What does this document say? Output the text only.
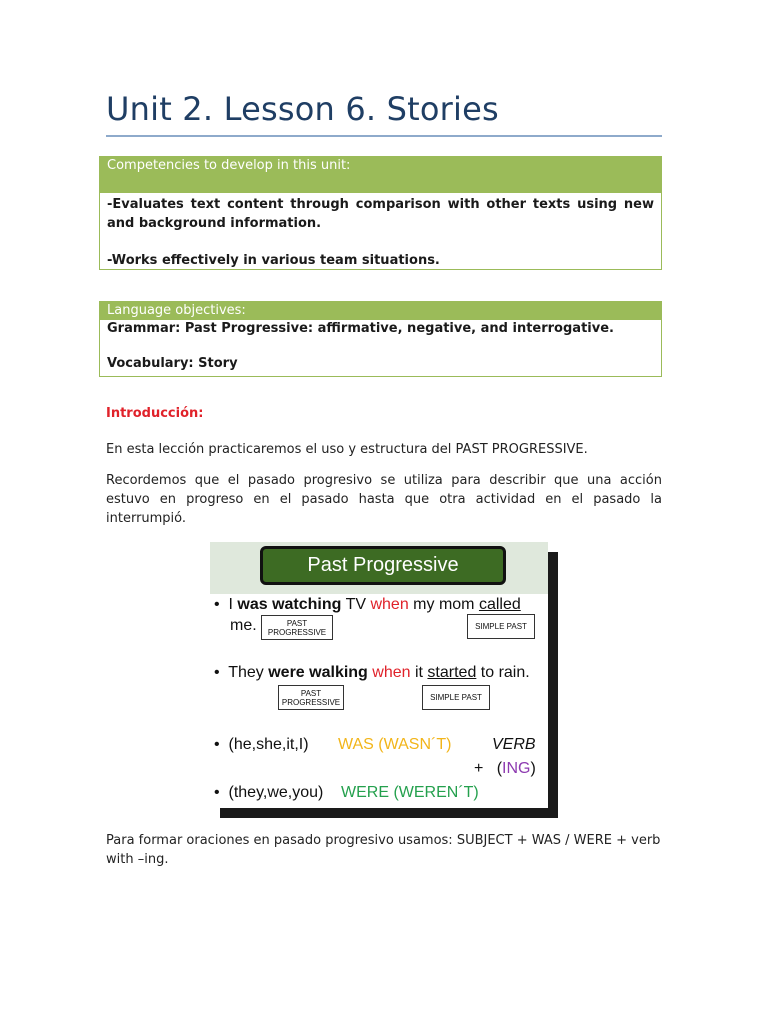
Unit 2. Lesson 6. Stories
Competencies to develop in this unit:
-Evaluates text content through comparison with other texts using new and background information.
-Works effectively in various team situations.
Language objectives:
Grammar: Past Progressive: affirmative, negative, and interrogative.
Vocabulary: Story
Introducción:
En esta lección practicaremos el uso y estructura del PAST PROGRESSIVE.
Recordemos que el pasado progresivo se utiliza para describir que una acción estuvo en progreso en el pasado hasta que otra actividad en el pasado la interrumpió.
Para formar oraciones en pasado progresivo usamos: SUBJECT + WAS / WERE + verb with –ing.
Past Progressive
• I was watching TV when my mom called
me.	PAST PROGRESSIVE
SIMPLE PAST
• They were walking when it started to rain.
PAST PROGRESSIVE	SIMPLE PAST
• (he,she,it,I) WAS (WASN´T)	VERB
+ (ING)
• (they,we,you) WERE (WEREN´T)
